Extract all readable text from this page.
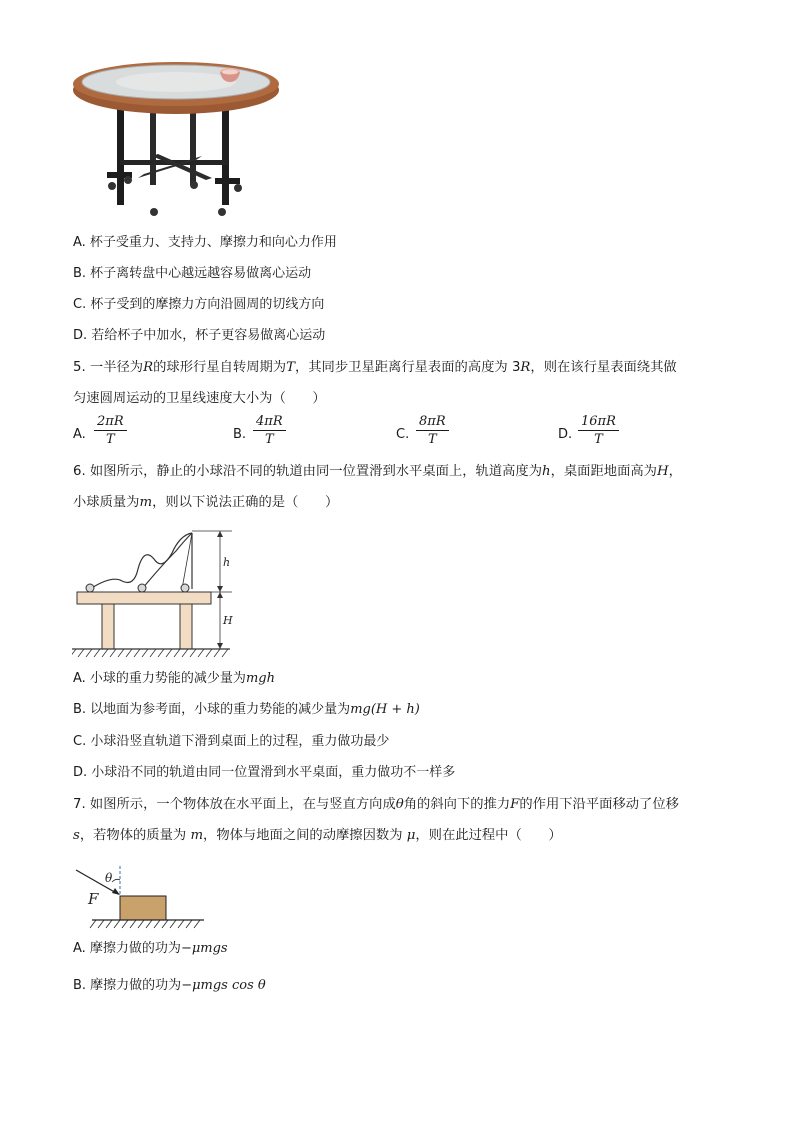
A. 杯子受重力、支持力、摩擦力和向心力作用
B. 杯子离转盘中心越远越容易做离心运动
C. 杯子受到的摩擦力方向沿圆周的切线方向
D. 若给杯子中加水，杯子更容易做离心运动
5. 一半径为R的球形行星自转周期为T，其同步卫星距离行星表面的高度为 3R，则在该行星表面绕其做
匀速圆周运动的卫星线速度大小为（　　）
A. $\frac{2\pi R}{T}$	B. $\frac{4\pi R}{T}$	C. $\frac{8\pi R}{T}$	D. $\frac{16\pi R}{T}$
6. 如图所示，静止的小球沿不同的轨道由同一位置滑到水平桌面上，轨道高度为h，桌面距地面高为H，
小球质量为m，则以下说法正确的是（　　）
h
H
A. 小球的重力势能的减少量为mgh
B. 以地面为参考面，小球的重力势能的减少量为mg(H + h)
C. 小球沿竖直轨道下滑到桌面上的过程，重力做功最少
D. 小球沿不同的轨道由同一位置滑到水平桌面，重力做功不一样多
7. 如图所示，一个物体放在水平面上，在与竖直方向成θ角的斜向下的推力F的作用下沿平面移动了位移
s，若物体的质量为 m，物体与地面之间的动摩擦因数为 μ，则在此过程中（　　）
θ
F
A. 摩擦力做的功为−μmgs
B. 摩擦力做的功为−μmgs cos θ
